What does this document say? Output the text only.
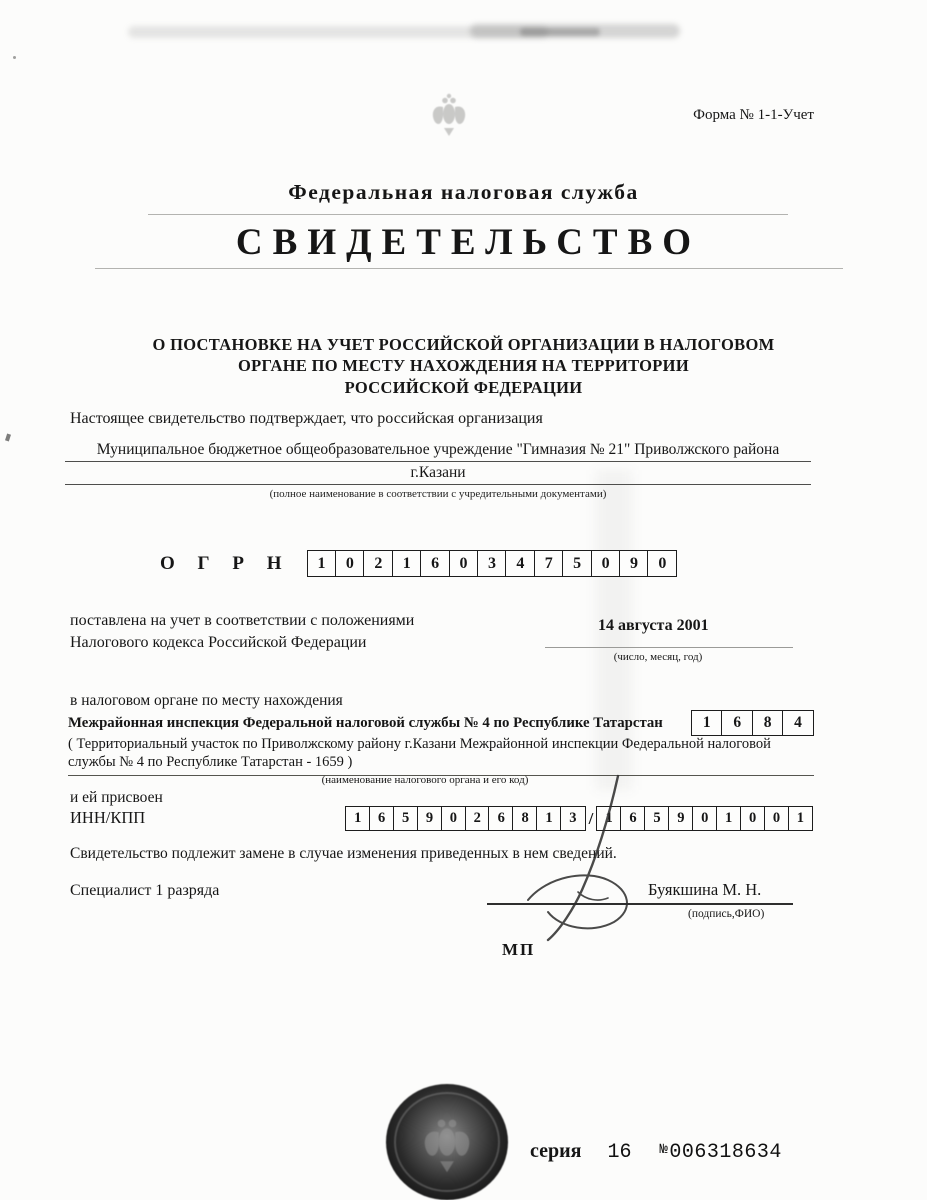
Форма № 1-1-Учет
Федеральная налоговая служба
СВИДЕТЕЛЬСТВО
О ПОСТАНОВКЕ НА УЧЕТ РОССИЙСКОЙ ОРГАНИЗАЦИИ В НАЛОГОВОМ
ОРГАНЕ ПО МЕСТУ НАХОЖДЕНИЯ НА ТЕРРИТОРИИ
РОССИЙСКОЙ ФЕДЕРАЦИИ
Настоящее свидетельство подтверждает, что российская организация
Муниципальное бюджетное общеобразовательное учреждение "Гимназия № 21" Приволжского района
г.Казани
(полное наименование в соответствии с учредительными документами)
О Г Р Н	1	0	2	1	6	0	3	4	7	5	0	9	0
поставлена на учет в соответствии с положениями
Налогового кодекса Российской Федерации
14 августа 2001
(число, месяц, год)
в налоговом органе по месту нахождения
Межрайонная инспекция Федеральной налоговой службы № 4 по Республике Татарстан	1	6	8	4
( Территориальный участок по Приволжскому району г.Казани Межрайонной инспекции Федеральной налоговой
службы № 4 по Республике Татарстан - 1659 )
(наименование налогового органа и его код)
и ей присвоен
ИНН/КПП	1	6	5	9	0	2	6	8	1	3 / 1	6	5	9	0	1	0	0	1
Свидетельство подлежит замене в случае изменения приведенных в нем сведений.
Специалист 1 разряда	Буякшина М. Н.
(подпись,ФИО)
МП
серия 16 №006318634
